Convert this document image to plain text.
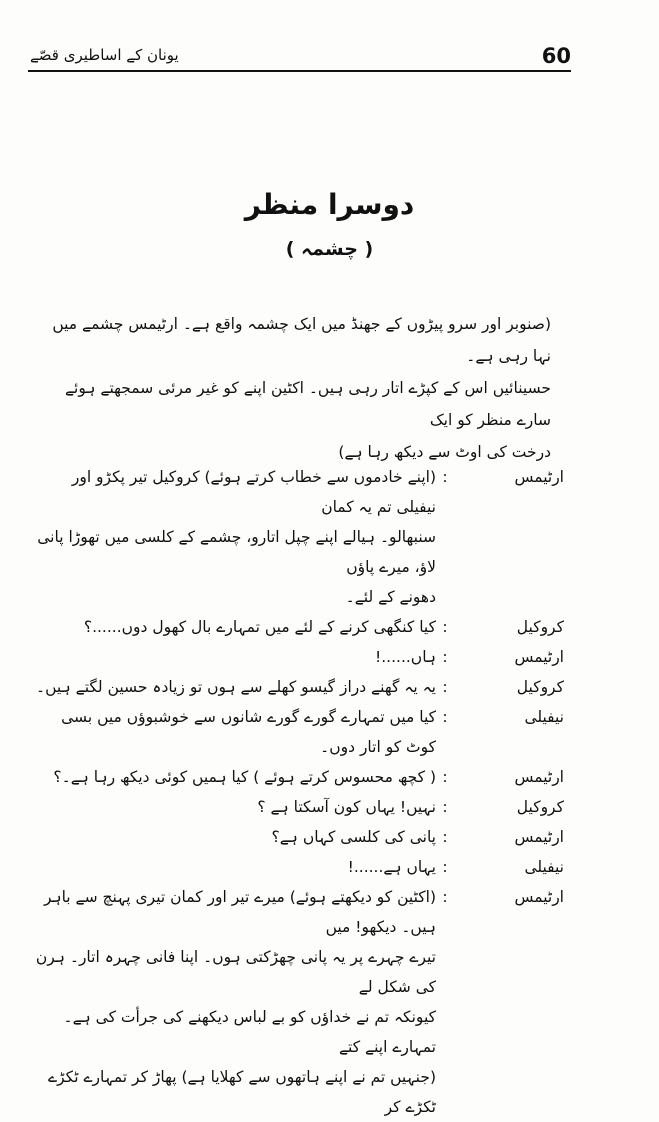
60
یونان کے اساطیری قصّے
دوسرا منظر
( چشمہ )

(صنوبر اور سرو پیڑوں کے جھنڈ میں ایک چشمہ واقع ہے۔ ارٹیمس چشمے میں نہا رہی ہے۔

حسینائیں اس کے کپڑے اتار رہی ہیں۔ اکٹین اپنے کو غیر مرئی سمجھتے ہوئے سارے منظر کو ایک

درخت کی اوٹ سے دیکھ رہا ہے)

ارٹیمس
:

(اپنے خادموں سے خطاب کرتے ہوئے) کروکیل تیر پکڑو اور نیفیلی تم یہ کمان

سنبھالو۔ ہیالے اپنے چپل اتارو، چشمے کے کلسی میں تھوڑا پانی لاؤ، میرے پاؤں

دھونے کے لئے۔

کروکیل
:

کیا کنگھی کرنے کے لئے میں تمہارے بال کھول دوں......؟

ارٹیمس
:

ہاں......!

کروکیل
:

یہ یہ گھنے دراز گیسو کھلے سے ہوں تو زیادہ حسین لگتے ہیں۔

نیفیلی
:

کیا میں تمہارے گورے گورے شانوں سے خوشبوؤں میں بسی کوٹ کو اتار دوں۔

ارٹیمس
:

( کچھ محسوس کرتے ہوئے ) کیا ہمیں کوئی دیکھ رہا ہے۔؟

کروکیل
:

نہیں! یہاں کون آسکتا ہے ؟

ارٹیمس
:

پانی کی کلسی کہاں ہے؟

نیفیلی
:

یہاں ہے......!

ارٹیمس
:

(اکٹین کو دیکھتے ہوئے) میرے تیر اور کمان تیری پہنچ سے باہر ہیں۔ دیکھو! میں

تیرے چہرے پر یہ پانی چھڑکتی ہوں۔ اپنا فانی چہرہ اتار۔ ہرن کی شکل لے

کیونکہ تم نے خداؤں کو بے لباس دیکھنے کی جرأت کی ہے۔ تمہارے اپنے کتے

(جنہیں تم نے اپنے ہاتھوں سے کھلایا ہے) پھاڑ کر تمہارے ٹکڑے ٹکڑے کر
